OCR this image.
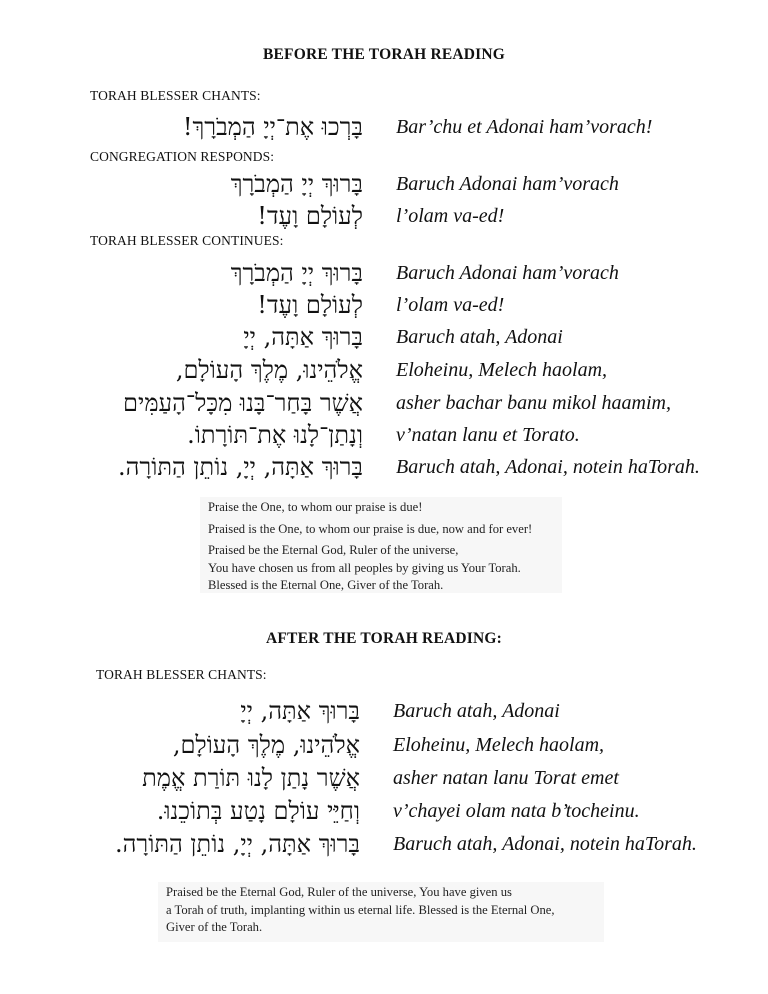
BEFORE THE TORAH READING
TORAH BLESSER CHANTS:
בָּרְכוּ אֶת־יְיָ הַמְבֹרָךְ! Bar’chu et Adonai ham’vorach!
CONGREGATION RESPONDS:
בָּרוּךְ יְיָ הַמְבֹרָךְ Baruch Adonai ham’vorach
לְעוֹלָם וָעֶד! l’olam va-ed!
TORAH BLESSER CONTINUES:
בָּרוּךְ יְיָ הַמְבֹרָךְ Baruch Adonai ham’vorach
לְעוֹלָם וָעֶד! l’olam va-ed!
בָּרוּךְ אַתָּה, יְיָ Baruch atah, Adonai
אֱלֹהֵינוּ, מֶלֶךְ הָעוֹלָם, Eloheinu, Melech haolam,
אֲשֶׁר בָּחַר־בָּנוּ מִכָּל־הָעַמִּים asher bachar banu mikol haamim,
וְנָתַן־לָנוּ אֶת־תּוֹרָתוֹ. v’natan lanu et Torato.
בָּרוּךְ אַתָּה, יְיָ, נוֹתֵן הַתּוֹרָה. Baruch atah, Adonai, notein haTorah.

Praise the One, to whom our praise is due!

Praised is the One, to whom our praise is due, now and for ever!

Praised be the Eternal God, Ruler of the universe,

You have chosen us from all peoples by giving us Your Torah.

Blessed is the Eternal One, Giver of the Torah.

AFTER THE TORAH READING:
TORAH BLESSER CHANTS:
בָּרוּךְ אַתָּה, יְיָ Baruch atah, Adonai
אֱלֹהֵינוּ, מֶלֶךְ הָעוֹלָם, Eloheinu, Melech haolam,
אֲשֶׁר נָתַן לָנוּ תּוֹרַת אֱמֶת asher natan lanu Torat emet
וְחַיֵּי עוֹלָם נָטַע בְּתוֹכֵנוּ. v’chayei olam nata b’tocheinu.
בָּרוּךְ אַתָּה, יְיָ, נוֹתֵן הַתּוֹרָה. Baruch atah, Adonai, notein haTorah.

Praised be the Eternal God, Ruler of the universe, You have given us

a Torah of truth, implanting within us eternal life. Blessed is the Eternal One,

Giver of the Torah.
